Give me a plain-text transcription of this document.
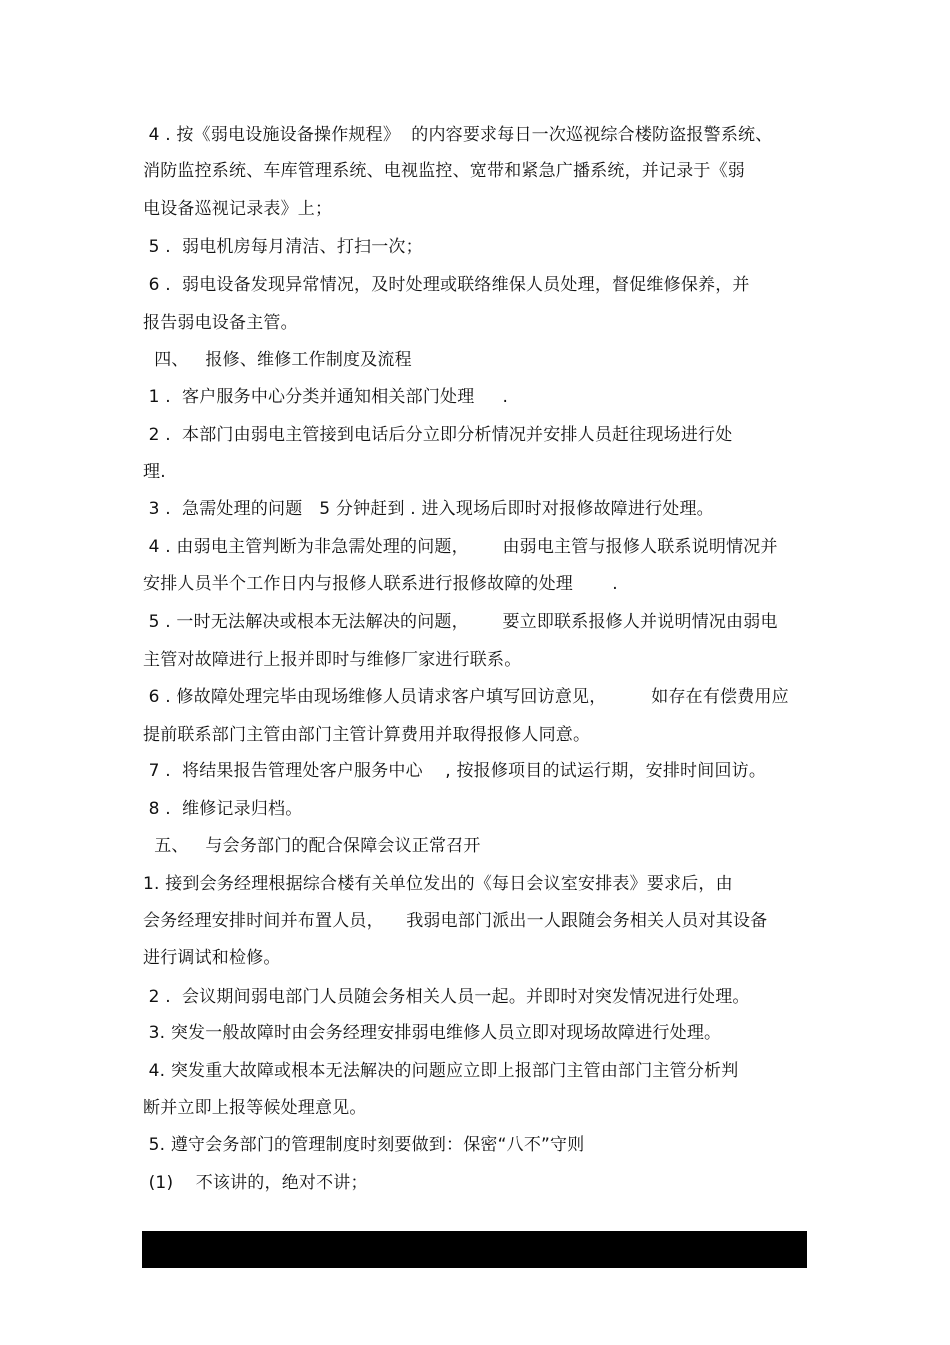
4 . 按《弱电设施设备操作规程》  的内容要求每日一次巡视综合楼防盗报警系统、
消防监控系统、车库管理系统、电视监控、宽带和紧急广播系统，并记录于《弱
电设备巡视记录表》上；
5 .  弱电机房每月清洁、打扫一次；
6 .  弱电设备发现异常情况，及时处理或联络维保人员处理，督促维修保养，并
报告弱电设备主管。
四、   报修、维修工作制度及流程
1 .  客户服务中心分类并通知相关部门处理     .
2 .  本部门由弱电主管接到电话后分立即分析情况并安排人员赶往现场进行处
理.
3 .  急需处理的问题   5 分钟赶到 . 进入现场后即时对报修故障进行处理。
4 . 由弱电主管判断为非急需处理的问题，      由弱电主管与报修人联系说明情况并
安排人员半个工作日内与报修人联系进行报修故障的处理       .
5 . 一时无法解决或根本无法解决的问题，      要立即联系报修人并说明情况由弱电
主管对故障进行上报并即时与维修厂家进行联系。
6 . 修故障处理完毕由现场维修人员请求客户填写回访意见，        如存在有偿费用应
提前联系部门主管由部门主管计算费用并取得报修人同意。
7 .  将结果报告管理处客户服务中心    , 按报修项目的试运行期，安排时间回访。
8 .  维修记录归档。
五、   与会务部门的配合保障会议正常召开
1. 接到会务经理根据综合楼有关单位发出的《每日会议室安排表》要求后，由
会务经理安排时间并布置人员，    我弱电部门派出一人跟随会务相关人员对其设备
进行调试和检修。
2 .  会议期间弱电部门人员随会务相关人员一起。并即时对突发情况进行处理。
3. 突发一般故障时由会务经理安排弱电维修人员立即对现场故障进行处理。
4. 突发重大故障或根本无法解决的问题应立即上报部门主管由部门主管分析判
断并立即上报等候处理意见。
5. 遵守会务部门的管理制度时刻要做到：保密“八不”守则
(1)    不该讲的，绝对不讲；
